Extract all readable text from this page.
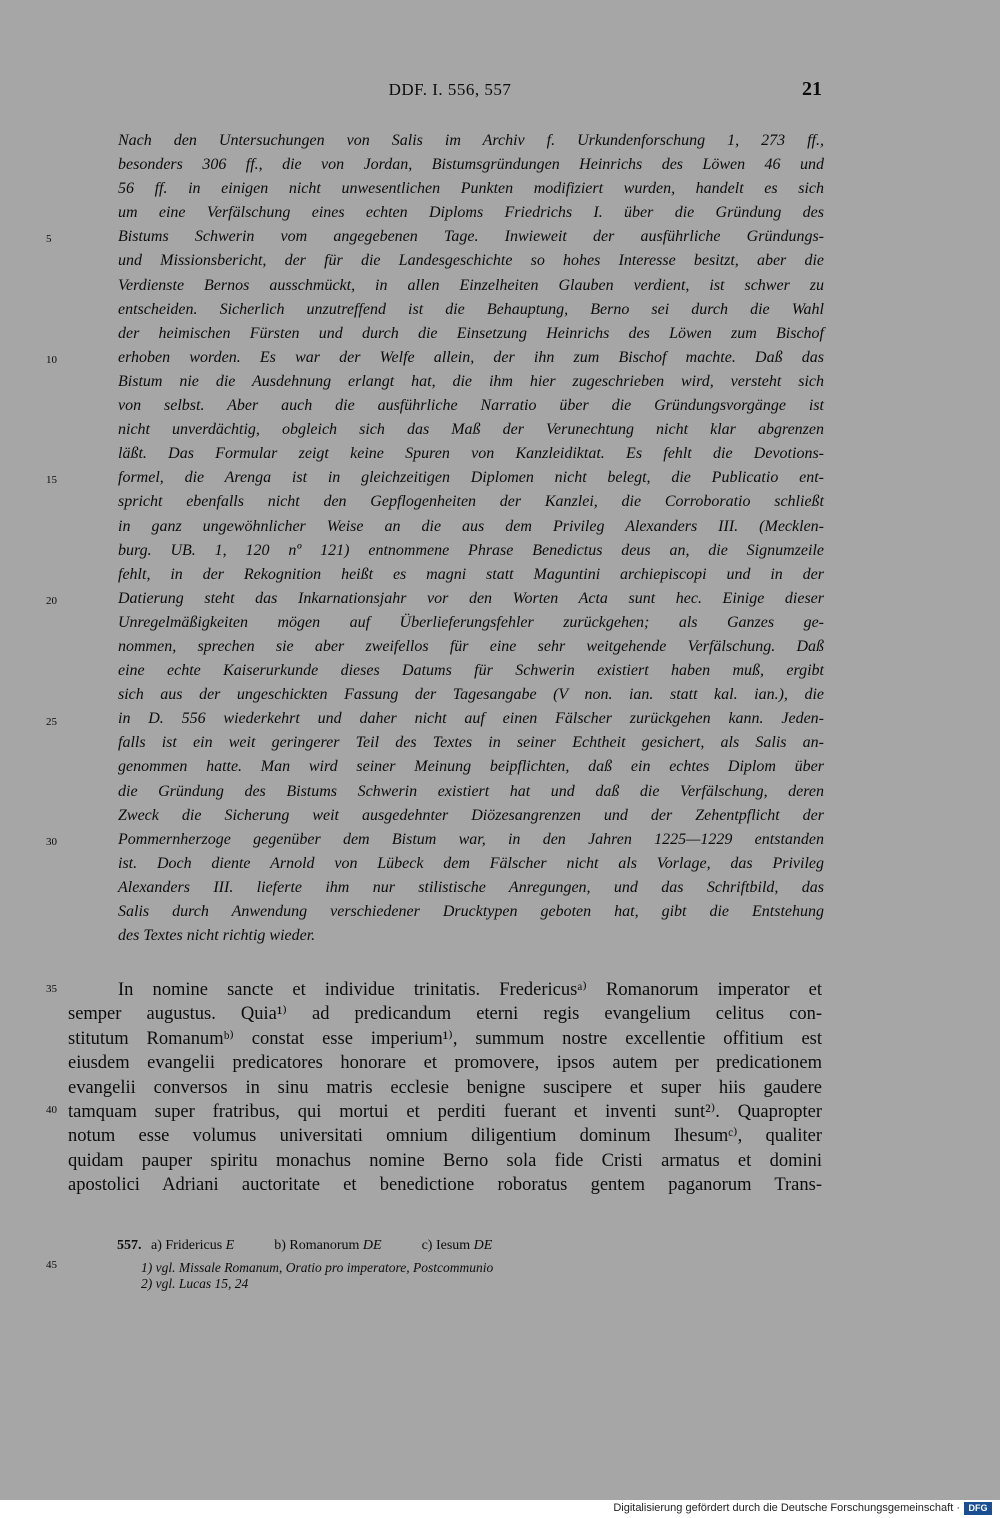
DDF. I. 556, 557	21
Nach den Untersuchungen von Salis im Archiv f. Urkundenforschung 1, 273 ff.,
besonders 306 ff., die von Jordan, Bistumsgründungen Heinrichs des Löwen 46 und
56 ff. in einigen nicht unwesentlichen Punkten modifiziert wurden, handelt es sich
um eine Verfälschung eines echten Diploms Friedrichs I. über die Gründung des
Bistums Schwerin vom angegebenen Tage. Inwieweit der ausführliche Gründungs-
und Missionsbericht, der für die Landesgeschichte so hohes Interesse besitzt, aber die
Verdienste Bernos ausschmückt, in allen Einzelheiten Glauben verdient, ist schwer zu
entscheiden. Sicherlich unzutreffend ist die Behauptung, Berno sei durch die Wahl
der heimischen Fürsten und durch die Einsetzung Heinrichs des Löwen zum Bischof
erhoben worden. Es war der Welfe allein, der ihn zum Bischof machte. Daß das
Bistum nie die Ausdehnung erlangt hat, die ihm hier zugeschrieben wird, versteht sich
von selbst. Aber auch die ausführliche Narratio über die Gründungsvorgänge ist
nicht unverdächtig, obgleich sich das Maß der Verunechtung nicht klar abgrenzen
läßt. Das Formular zeigt keine Spuren von Kanzleidiktat. Es fehlt die Devotions-
formel, die Arenga ist in gleichzeitigen Diplomen nicht belegt, die Publicatio ent-
spricht ebenfalls nicht den Gepflogenheiten der Kanzlei, die Corroboratio schließt
in ganz ungewöhnlicher Weise an die aus dem Privileg Alexanders III. (Mecklen-
burg. UB. 1, 120 nº 121) entnommene Phrase Benedictus deus an, die Signumzeile
fehlt, in der Rekognition heißt es magni statt Maguntini archiepiscopi und in der
Datierung steht das Inkarnationsjahr vor den Worten Acta sunt hec. Einige dieser
Unregelmäßigkeiten mögen auf Überlieferungsfehler zurückgehen; als Ganzes ge-
nommen, sprechen sie aber zweifellos für eine sehr weitgehende Verfälschung. Daß
eine echte Kaiserurkunde dieses Datums für Schwerin existiert haben muß, ergibt
sich aus der ungeschickten Fassung der Tagesangabe (V non. ian. statt kal. ian.), die
in D. 556 wiederkehrt und daher nicht auf einen Fälscher zurückgehen kann. Jeden-
falls ist ein weit geringerer Teil des Textes in seiner Echtheit gesichert, als Salis an-
genommen hatte. Man wird seiner Meinung beipflichten, daß ein echtes Diplom über
die Gründung des Bistums Schwerin existiert hat und daß die Verfälschung, deren
Zweck die Sicherung weit ausgedehnter Diözesangrenzen und der Zehentpflicht der
Pommernherzoge gegenüber dem Bistum war, in den Jahren 1225—1229 entstanden
ist. Doch diente Arnold von Lübeck dem Fälscher nicht als Vorlage, das Privileg
Alexanders III. lieferte ihm nur stilistische Anregungen, und das Schriftbild, das
Salis durch Anwendung verschiedener Drucktypen geboten hat, gibt die Entstehung
des Textes nicht richtig wieder.
5
10
15
20
25
30
35
40
45
In nomine sancte et individue trinitatis. Fredericusᵃ⁾ Romanorum imperator et
semper augustus. Quia¹⁾ ad predicandum eterni regis evangelium celitus con-
stitutum Romanumᵇ⁾ constat esse imperium¹⁾, summum nostre excellentie offitium est
eiusdem evangelii predicatores honorare et promovere, ipsos autem per predicationem
evangelii conversos in sinu matris ecclesie benigne suscipere et super hiis gaudere
tamquam super fratribus, qui mortui et perditi fuerant et inventi sunt²⁾. Quapropter
notum esse volumus universitati omnium diligentium dominum Ihesumᶜ⁾, qualiter
quidam pauper spiritu monachus nomine Berno sola fide Cristi armatus et domini
apostolici Adriani auctoritate et benedictione roboratus gentem paganorum Trans-
557. a) Fridericus E	b) Romanorum DE	c) Iesum DE
1) vgl. Missale Romanum, Oratio pro imperatore, Postcommunio
2) vgl. Lucas 15, 24
Digitalisierung gefördert durch die Deutsche Forschungsgemeinschaft · DFG
